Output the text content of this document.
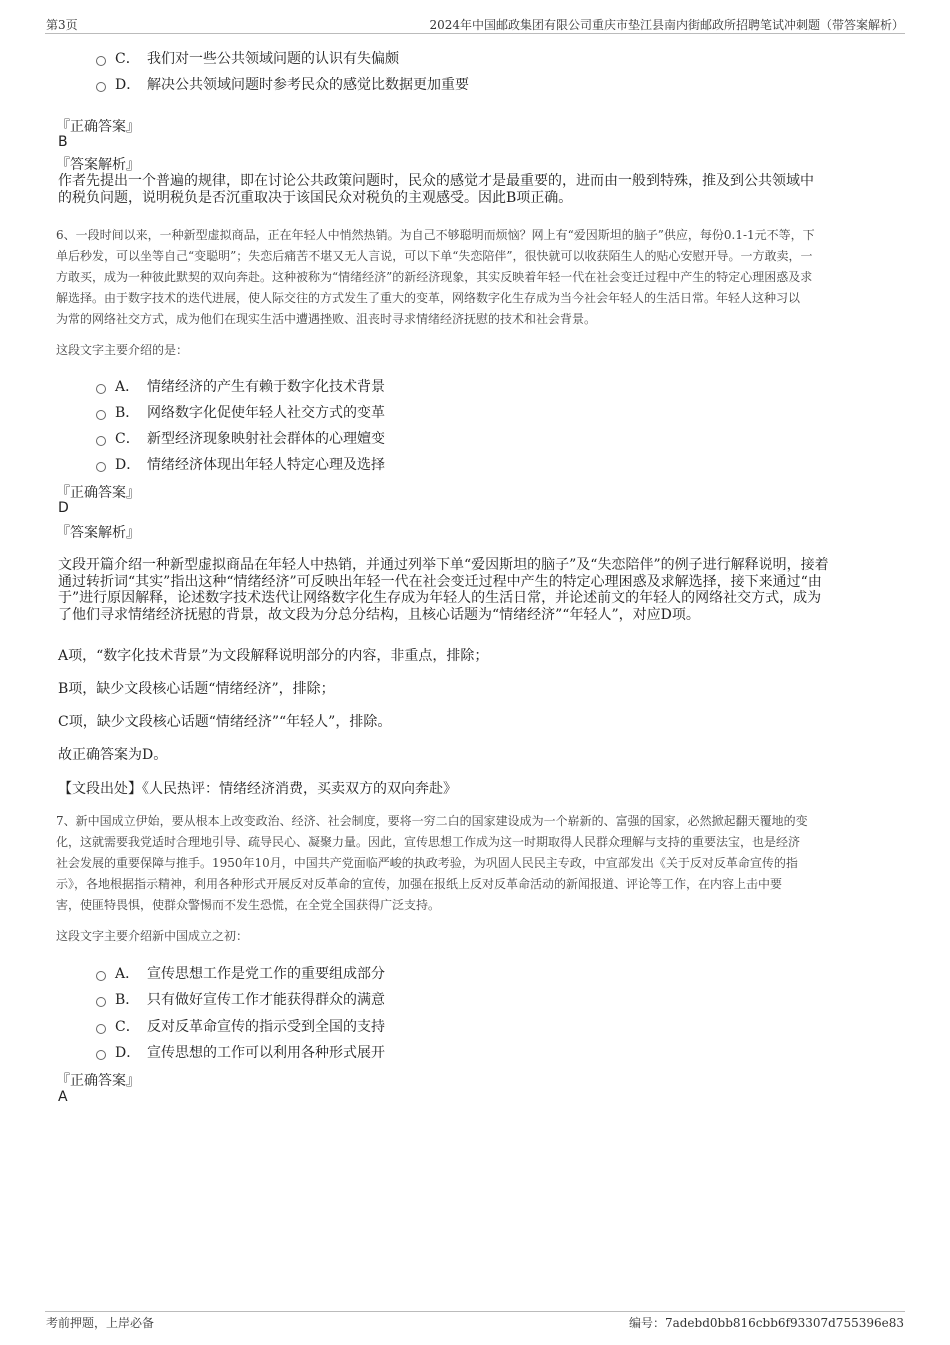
第3页	2024年中国邮政集团有限公司重庆市垫江县南内街邮政所招聘笔试冲刺题（带答案解析）
C． 我们对一些公共领域问题的认识有失偏颇
D． 解决公共领域问题时参考民众的感觉比数据更加重要
『正确答案』
B
『答案解析』
作者先提出一个普遍的规律，即在讨论公共政策问题时，民众的感觉才是最重要的，进而由一般到特殊，推及到公共领域中
的税负问题，说明税负是否沉重取决于该国民众对税负的主观感受。因此B项正确。
6、一段时间以来，一种新型虚拟商品，正在年轻人中悄然热销。为自己不够聪明而烦恼？网上有“爱因斯坦的脑子”供应，每份0.1-1元不等，下
单后秒发，可以坐等自己“变聪明”；失恋后痛苦不堪又无人言说，可以下单“失恋陪伴”，很快就可以收获陌生人的贴心安慰开导。一方敢卖，一
方敢买，成为一种彼此默契的双向奔赴。这种被称为“情绪经济”的新经济现象，其实反映着年轻一代在社会变迁过程中产生的特定心理困惑及求
解选择。由于数字技术的迭代进展，使人际交往的方式发生了重大的变革，网络数字化生存成为当今社会年轻人的生活日常。年轻人这种习以
为常的网络社交方式，成为他们在现实生活中遭遇挫败、沮丧时寻求情绪经济抚慰的技术和社会背景。
这段文字主要介绍的是：
A． 情绪经济的产生有赖于数字化技术背景
B． 网络数字化促使年轻人社交方式的变革
C． 新型经济现象映射社会群体的心理嬗变
D． 情绪经济体现出年轻人特定心理及选择
『正确答案』
D
『答案解析』
文段开篇介绍一种新型虚拟商品在年轻人中热销，并通过列举下单“爱因斯坦的脑子”及“失恋陪伴”的例子进行解释说明，接着
通过转折词“其实”指出这种“情绪经济”可反映出年轻一代在社会变迁过程中产生的特定心理困惑及求解选择，接下来通过“由
于”进行原因解释，论述数字技术迭代让网络数字化生存成为年轻人的生活日常，并论述前文的年轻人的网络社交方式，成为
了他们寻求情绪经济抚慰的背景，故文段为分总分结构，且核心话题为“情绪经济”“年轻人”，对应D项。
A项，“数字化技术背景”为文段解释说明部分的内容，非重点，排除；
B项，缺少文段核心话题“情绪经济”，排除；
C项，缺少文段核心话题“情绪经济”“年轻人”，排除。
故正确答案为D。
【文段出处】《人民热评：情绪经济消费，买卖双方的双向奔赴》
7、新中国成立伊始，要从根本上改变政治、经济、社会制度，要将一穷二白的国家建设成为一个崭新的、富强的国家，必然掀起翻天覆地的变
化，这就需要我党适时合理地引导、疏导民心、凝聚力量。因此，宣传思想工作成为这一时期取得人民群众理解与支持的重要法宝，也是经济
社会发展的重要保障与推手。1950年10月，中国共产党面临严峻的执政考验，为巩固人民民主专政，中宣部发出《关于反对反革命宣传的指
示》，各地根据指示精神，利用各种形式开展反对反革命的宣传，加强在报纸上反对反革命活动的新闻报道、评论等工作，在内容上击中要
害，使匪特畏惧，使群众警惕而不发生恐慌，在全党全国获得广泛支持。
这段文字主要介绍新中国成立之初：
A． 宣传思想工作是党工作的重要组成部分
B． 只有做好宣传工作才能获得群众的满意
C． 反对反革命宣传的指示受到全国的支持
D． 宣传思想的工作可以利用各种形式展开
『正确答案』
A
考前押题，上岸必备	编号：7adebd0bb816cbb6f93307d755396e83
